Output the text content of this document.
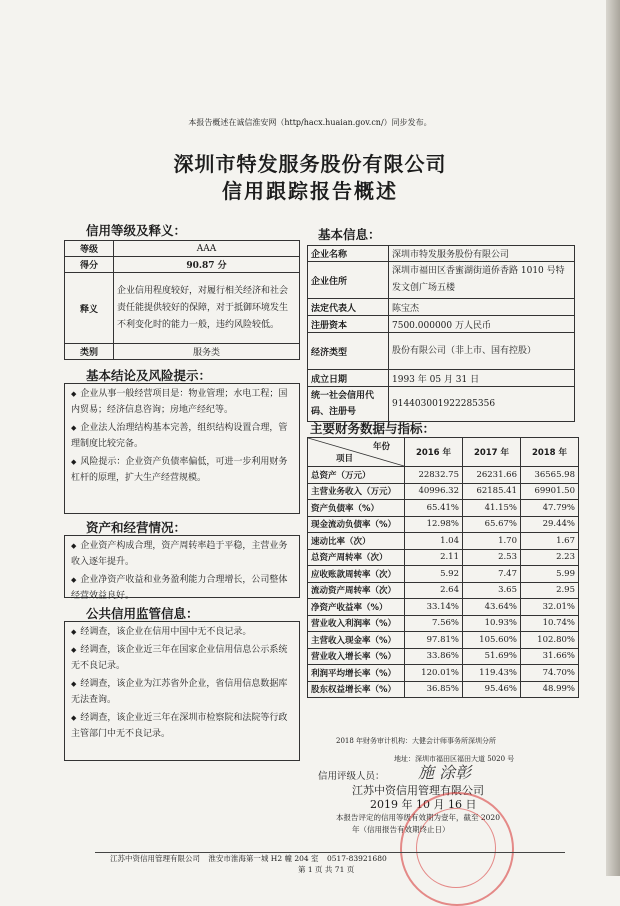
本报告概述在诚信淮安网（http/hacx.huaian.gov.cn/）同步发布。
深圳市特发服务股份有限公司
信用跟踪报告概述
信用等级及释义：
等级	AAA
得分	90.87 分
释义	企业信用程度较好，对履行相关经济和社会责任能提供较好的保障，对于抵御环境发生不利变化时的能力一般，违约风险较低。
类别	服务类
基本结论及风险提示：

◆ 企业从事一般经营项目是：物业管理；水电工程；国内贸易；经济信息咨询；房地产经纪等。

◆ 企业法人治理结构基本完善，组织结构设置合理，管理制度比较完备。

◆ 风险提示：企业资产负债率偏低，可进一步利用财务杠杆的原理，扩大生产经营规模。

资产和经营情况：

◆ 企业资产构成合理，资产周转率趋于平稳，主营业务收入逐年提升。

◆ 企业净资产收益和业务盈利能力合理增长，公司整体经营效益良好。

公共信用监管信息：

◆ 经调查，该企业在信用中国中无不良记录。

◆ 经调查，该企业近三年在国家企业信用信息公示系统无不良记录。

◆ 经调查，该企业为江苏省外企业，省信用信息数据库无法查询。

◆ 经调查，该企业近三年在深圳市检察院和法院等行政主管部门中无不良记录。

基本信息：
企业名称	深圳市特发服务股份有限公司
企业住所	深圳市福田区香蜜湖街道侨香路 1010 号特发文创广场五楼
法定代表人	陈宝杰
注册资本	7500.000000 万人民币
经济类型	股份有限公司（非上市、国有控股）
成立日期	1993 年 05 月 31 日
统一社会信用代码、注册号	914403001922285356
主要财务数据与指标：
年份
项目	2016 年	2017 年	2018 年
总资产（万元）	22832.75	26231.66	36565.98
主营业务收入（万元）	40996.32	62185.41	69901.50
资产负债率（%）	65.41%	41.15%	47.79%
现金流动负债率（%）	12.98%	65.67%	29.44%
速动比率（次）	1.04	1.70	1.67
总资产周转率（次）	2.11	2.53	2.23
应收账款周转率（次）	5.92	7.47	5.99
流动资产周转率（次）	2.64	3.65	2.95
净资产收益率（%）	33.14%	43.64%	32.01%
营业收入利润率（%）	7.56%	10.93%	10.74%
主营收入现金率（%）	97.81%	105.60%	102.80%
营业收入增长率（%）	33.86%	51.69%	31.66%
利润平均增长率（%）	120.01%	119.43%	74.70%
股东权益增长率（%）	36.85%	95.46%	48.99%
2018 年财务审计机构：大健会计师事务所深圳分所
地址：深圳市福田区福田大道 5020 号
信用评级人员： 施 涂彰
江苏中资信用管理有限公司
2019 年 10 月 16 日
本报告评定的信用等级有效期为壹年，截至 2020
年（信用报告有效期终止日）
江苏中资信用管理有限公司 淮安市淮海第一城 H2 幢 204 室 0517-83921680
第 1 页 共 71 页
